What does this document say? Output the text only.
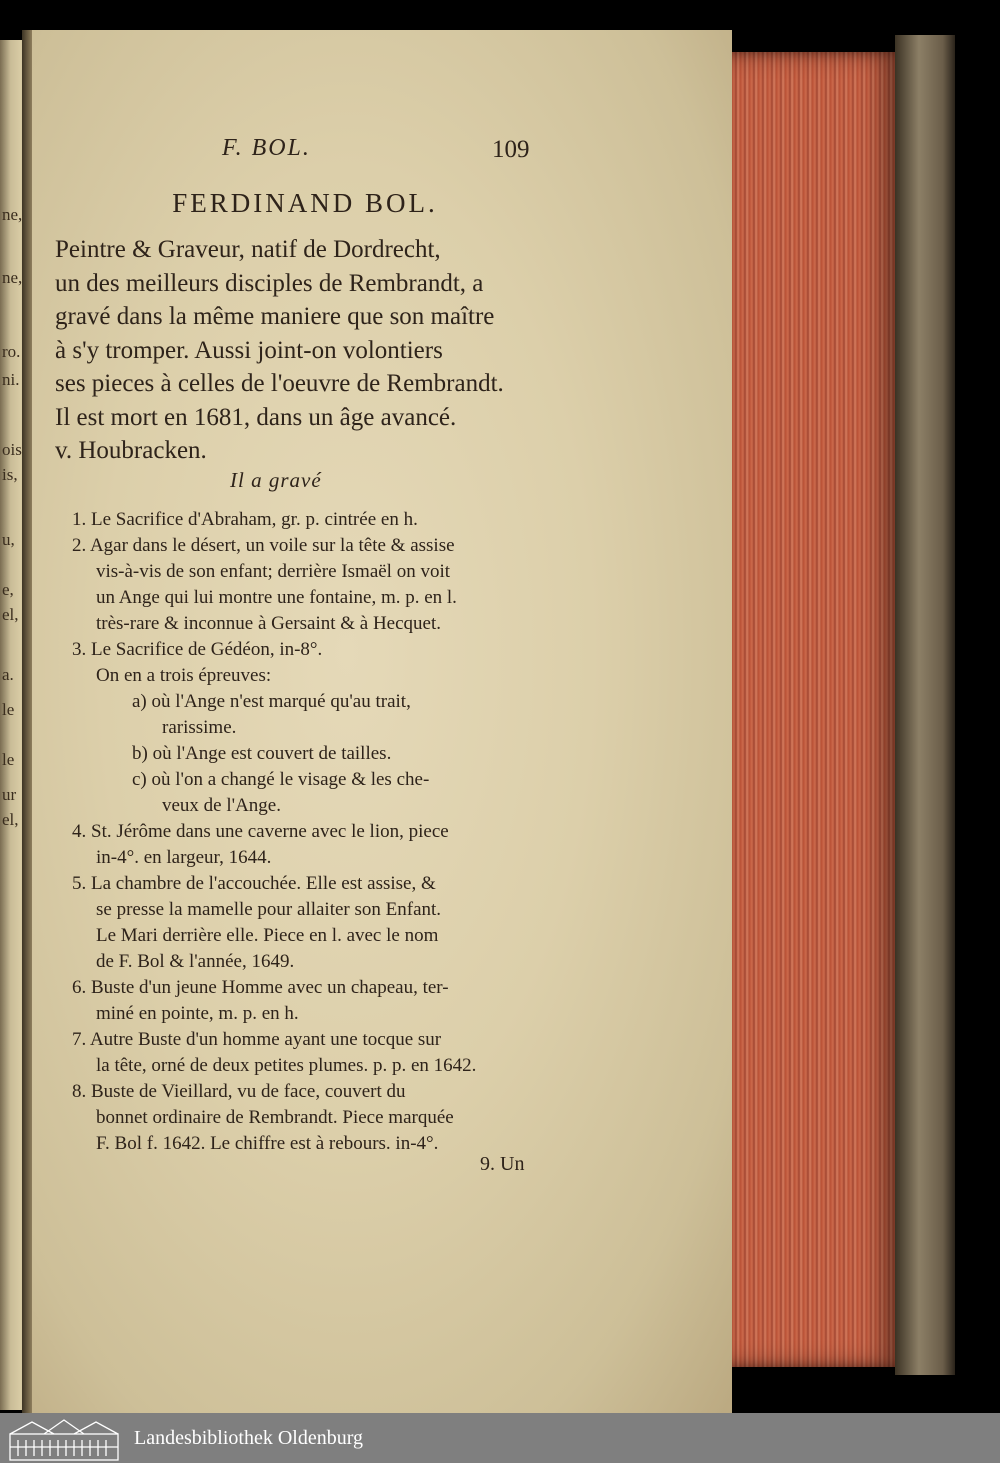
ne,
ne,
ro.
ni.
ois
is,
u,
e,
el,
a.
le
le
ur
el,
F. BOL.	109
FERDINAND BOL.
Peintre & Graveur, natif de Dordrecht,
un des meilleurs disciples de Rembrandt, a
gravé dans la même maniere que son maître
à s'y tromper. Aussi joint-on volontiers
ses pieces à celles de l'oeuvre de Rembrandt.
Il est mort en 1681, dans un âge avancé.
v. Houbracken.
Il a gravé
1. Le Sacrifice d'Abraham, gr. p. cintrée en h.
2. Agar dans le désert, un voile sur la tête & assise
vis-à-vis de son enfant; derrière Ismaël on voit
un Ange qui lui montre une fontaine, m. p. en l.
très-rare & inconnue à Gersaint & à Hecquet.
3. Le Sacrifice de Gédéon, in-8°.
On en a trois épreuves:
a) où l'Ange n'est marqué qu'au trait,
rarissime.
b) où l'Ange est couvert de tailles.
c) où l'on a changé le visage & les che-
veux de l'Ange.
4. St. Jérôme dans une caverne avec le lion, piece
in-4°. en largeur, 1644.
5. La chambre de l'accouchée. Elle est assise, &
se presse la mamelle pour allaiter son Enfant.
Le Mari derrière elle. Piece en l. avec le nom
de F. Bol & l'année, 1649.
6. Buste d'un jeune Homme avec un chapeau, ter-
miné en pointe, m. p. en h.
7. Autre Buste d'un homme ayant une tocque sur
la tête, orné de deux petites plumes. p. p. en 1642.
8. Buste de Vieillard, vu de face, couvert du
bonnet ordinaire de Rembrandt. Piece marquée
F. Bol f. 1642. Le chiffre est à rebours. in-4°.
9. Un
Landesbibliothek Oldenburg
